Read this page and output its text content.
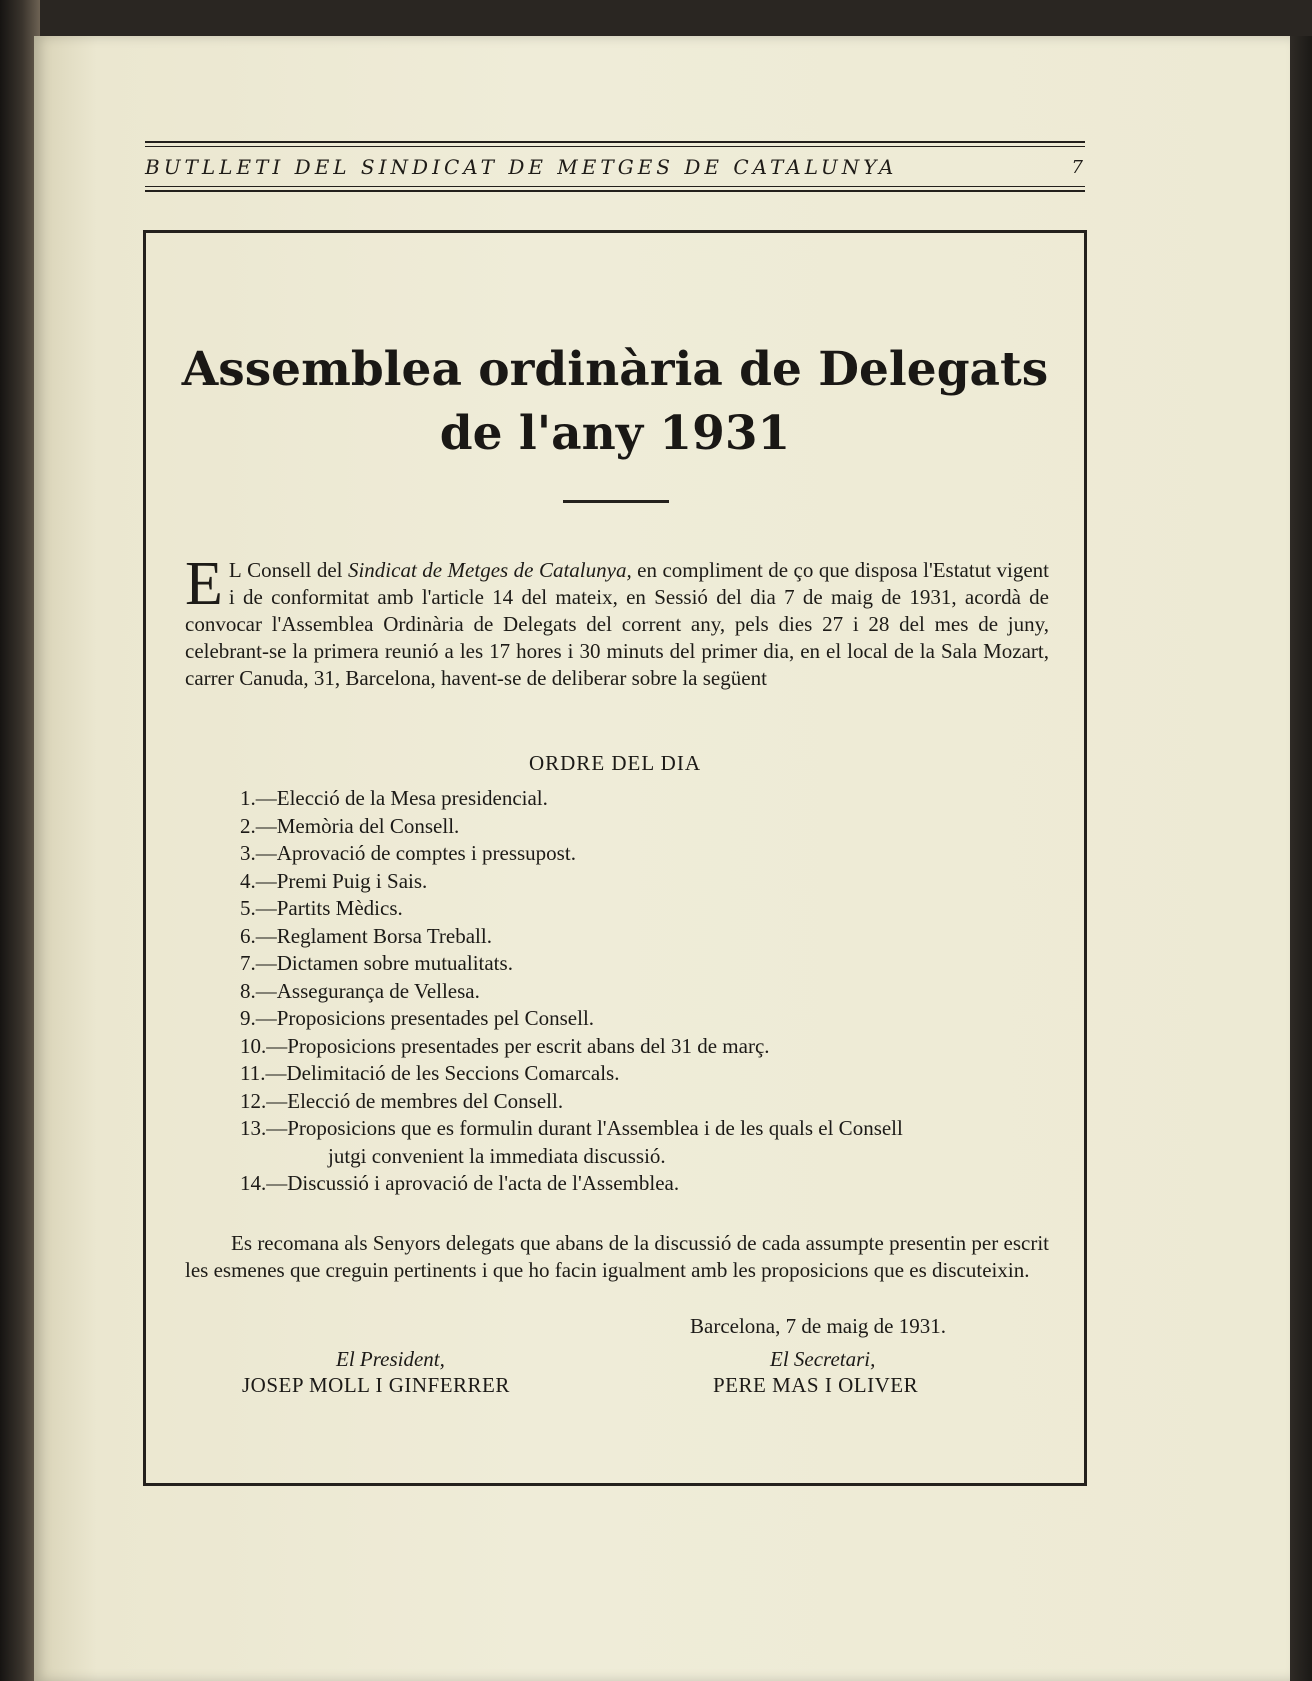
BUTLLETI DEL SINDICAT DE METGES DE CATALUNYA	7
Assemblea ordinària de Delegats
de l'any 1931
E L Consell del Sindicat de Metges de Catalunya, en compliment de ço que disposa l'Estatut vigent i de conformitat amb l'article 14 del mateix, en Sessió del dia 7 de maig de 1931, acordà de convocar l'Assemblea Ordinària de Delegats del corrent any, pels dies 27 i 28 del mes de juny, celebrant-se la primera reunió a les 17 hores i 30 minuts del primer dia, en el local de la Sala Mozart, carrer Canuda, 31, Barcelona, havent-se de deliberar sobre la següent
ORDRE DEL DIA
1.—Elecció de la Mesa presidencial.
2.—Memòria del Consell.
3.—Aprovació de comptes i pressupost.
4.—Premi Puig i Sais.
5.—Partits Mèdics.
6.—Reglament Borsa Treball.
7.—Dictamen sobre mutualitats.
8.—Assegurança de Vellesa.
9.—Proposicions presentades pel Consell.
10.—Proposicions presentades per escrit abans del 31 de març.
11.—Delimitació de les Seccions Comarcals.
12.—Elecció de membres del Consell.
13.—Proposicions que es formulin durant l'Assemblea i de les quals el Consell
jutgi convenient la immediata discussió.
14.—Discussió i aprovació de l'acta de l'Assemblea.
Es recomana als Senyors delegats que abans de la discussió de cada assumpte presentin per escrit les esmenes que creguin pertinents i que ho facin igualment amb les proposicions que es discuteixin.
Barcelona, 7 de maig de 1931.
El President,
JOSEP MOLL I GINFERRER
El Secretari,
PERE MAS I OLIVER
